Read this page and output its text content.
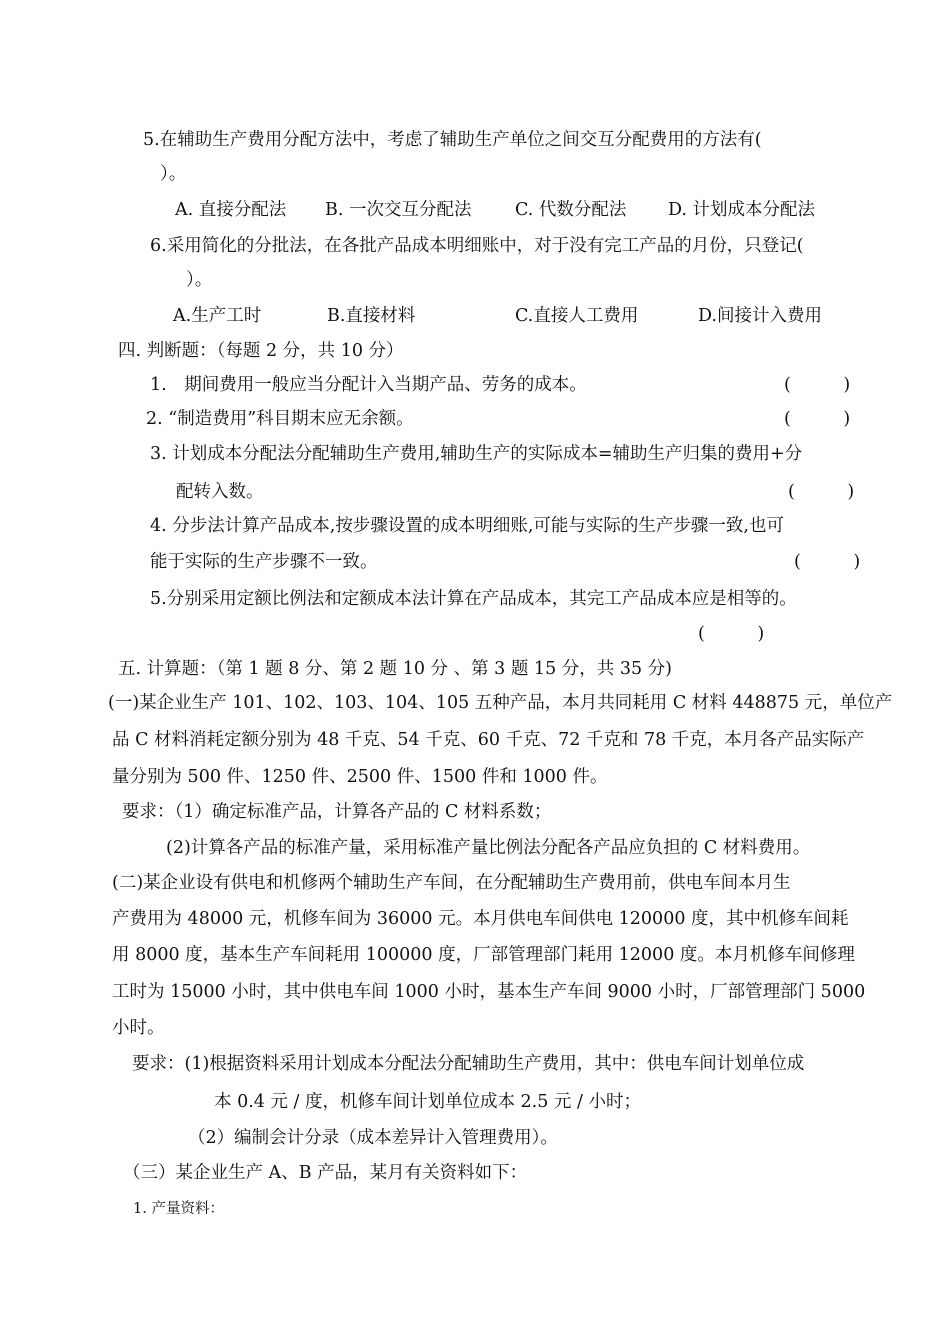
5.在辅助生产费用分配方法中，考虑了辅助生产单位之间交互分配费用的方法有(
）。
A. 直接分配法 B. 一次交互分配法 C. 代数分配法 D. 计划成本分配法
6.采用简化的分批法，在各批产品成本明细账中，对于没有完工产品的月份，只登记(
）。
A.生产工时	B.直接材料	C.直接人工费用	D.间接计入费用
四. 判断题：（每题 2 分，共 10 分）
1.　期间费用一般应当分配计入当期产品、劳务的成本。	(　　　)
2. “制造费用”科目期末应无余额。	(　　　)
3. 计划成本分配法分配辅助生产费用,辅助生产的实际成本=辅助生产归集的费用+分
配转入数。	(　　　)
4. 分步法计算产品成本,按步骤设置的成本明细账,可能与实际的生产步骤一致,也可
能于实际的生产步骤不一致。	(　　　)
5.分别采用定额比例法和定额成本法计算在产品成本，其完工产品成本应是相等的。
(　　　)
五. 计算题：（第 1 题 8 分、第 2 题 10 分 、第 3 题 15 分，共 35 分)
(一)某企业生产 101、102、103、104、105 五种产品，本月共同耗用 C 材料 448875 元，单位产
品 C 材料消耗定额分别为 48 千克、54 千克、60 千克、72 千克和 78 千克，本月各产品实际产
量分别为 500 件、1250 件、2500 件、1500 件和 1000 件。
要求：（1）确定标准产品，计算各产品的 C 材料系数；
(2)计算各产品的标准产量，采用标准产量比例法分配各产品应负担的 C 材料费用。
(二)某企业设有供电和机修两个辅助生产车间，在分配辅助生产费用前，供电车间本月生
产费用为 48000 元，机修车间为 36000 元。本月供电车间供电 120000 度，其中机修车间耗
用 8000 度，基本生产车间耗用 100000 度，厂部管理部门耗用 12000 度。本月机修车间修理
工时为 15000 小时，其中供电车间 1000 小时，基本生产车间 9000 小时，厂部管理部门 5000
小时。
要求：(1)根据资料采用计划成本分配法分配辅助生产费用，其中：供电车间计划单位成
本 0.4 元 / 度，机修车间计划单位成本 2.5 元 / 小时；
（2）编制会计分录（成本差异计入管理费用）。
（三）某企业生产 A、B 产品，某月有关资料如下：
1. 产量资料：
